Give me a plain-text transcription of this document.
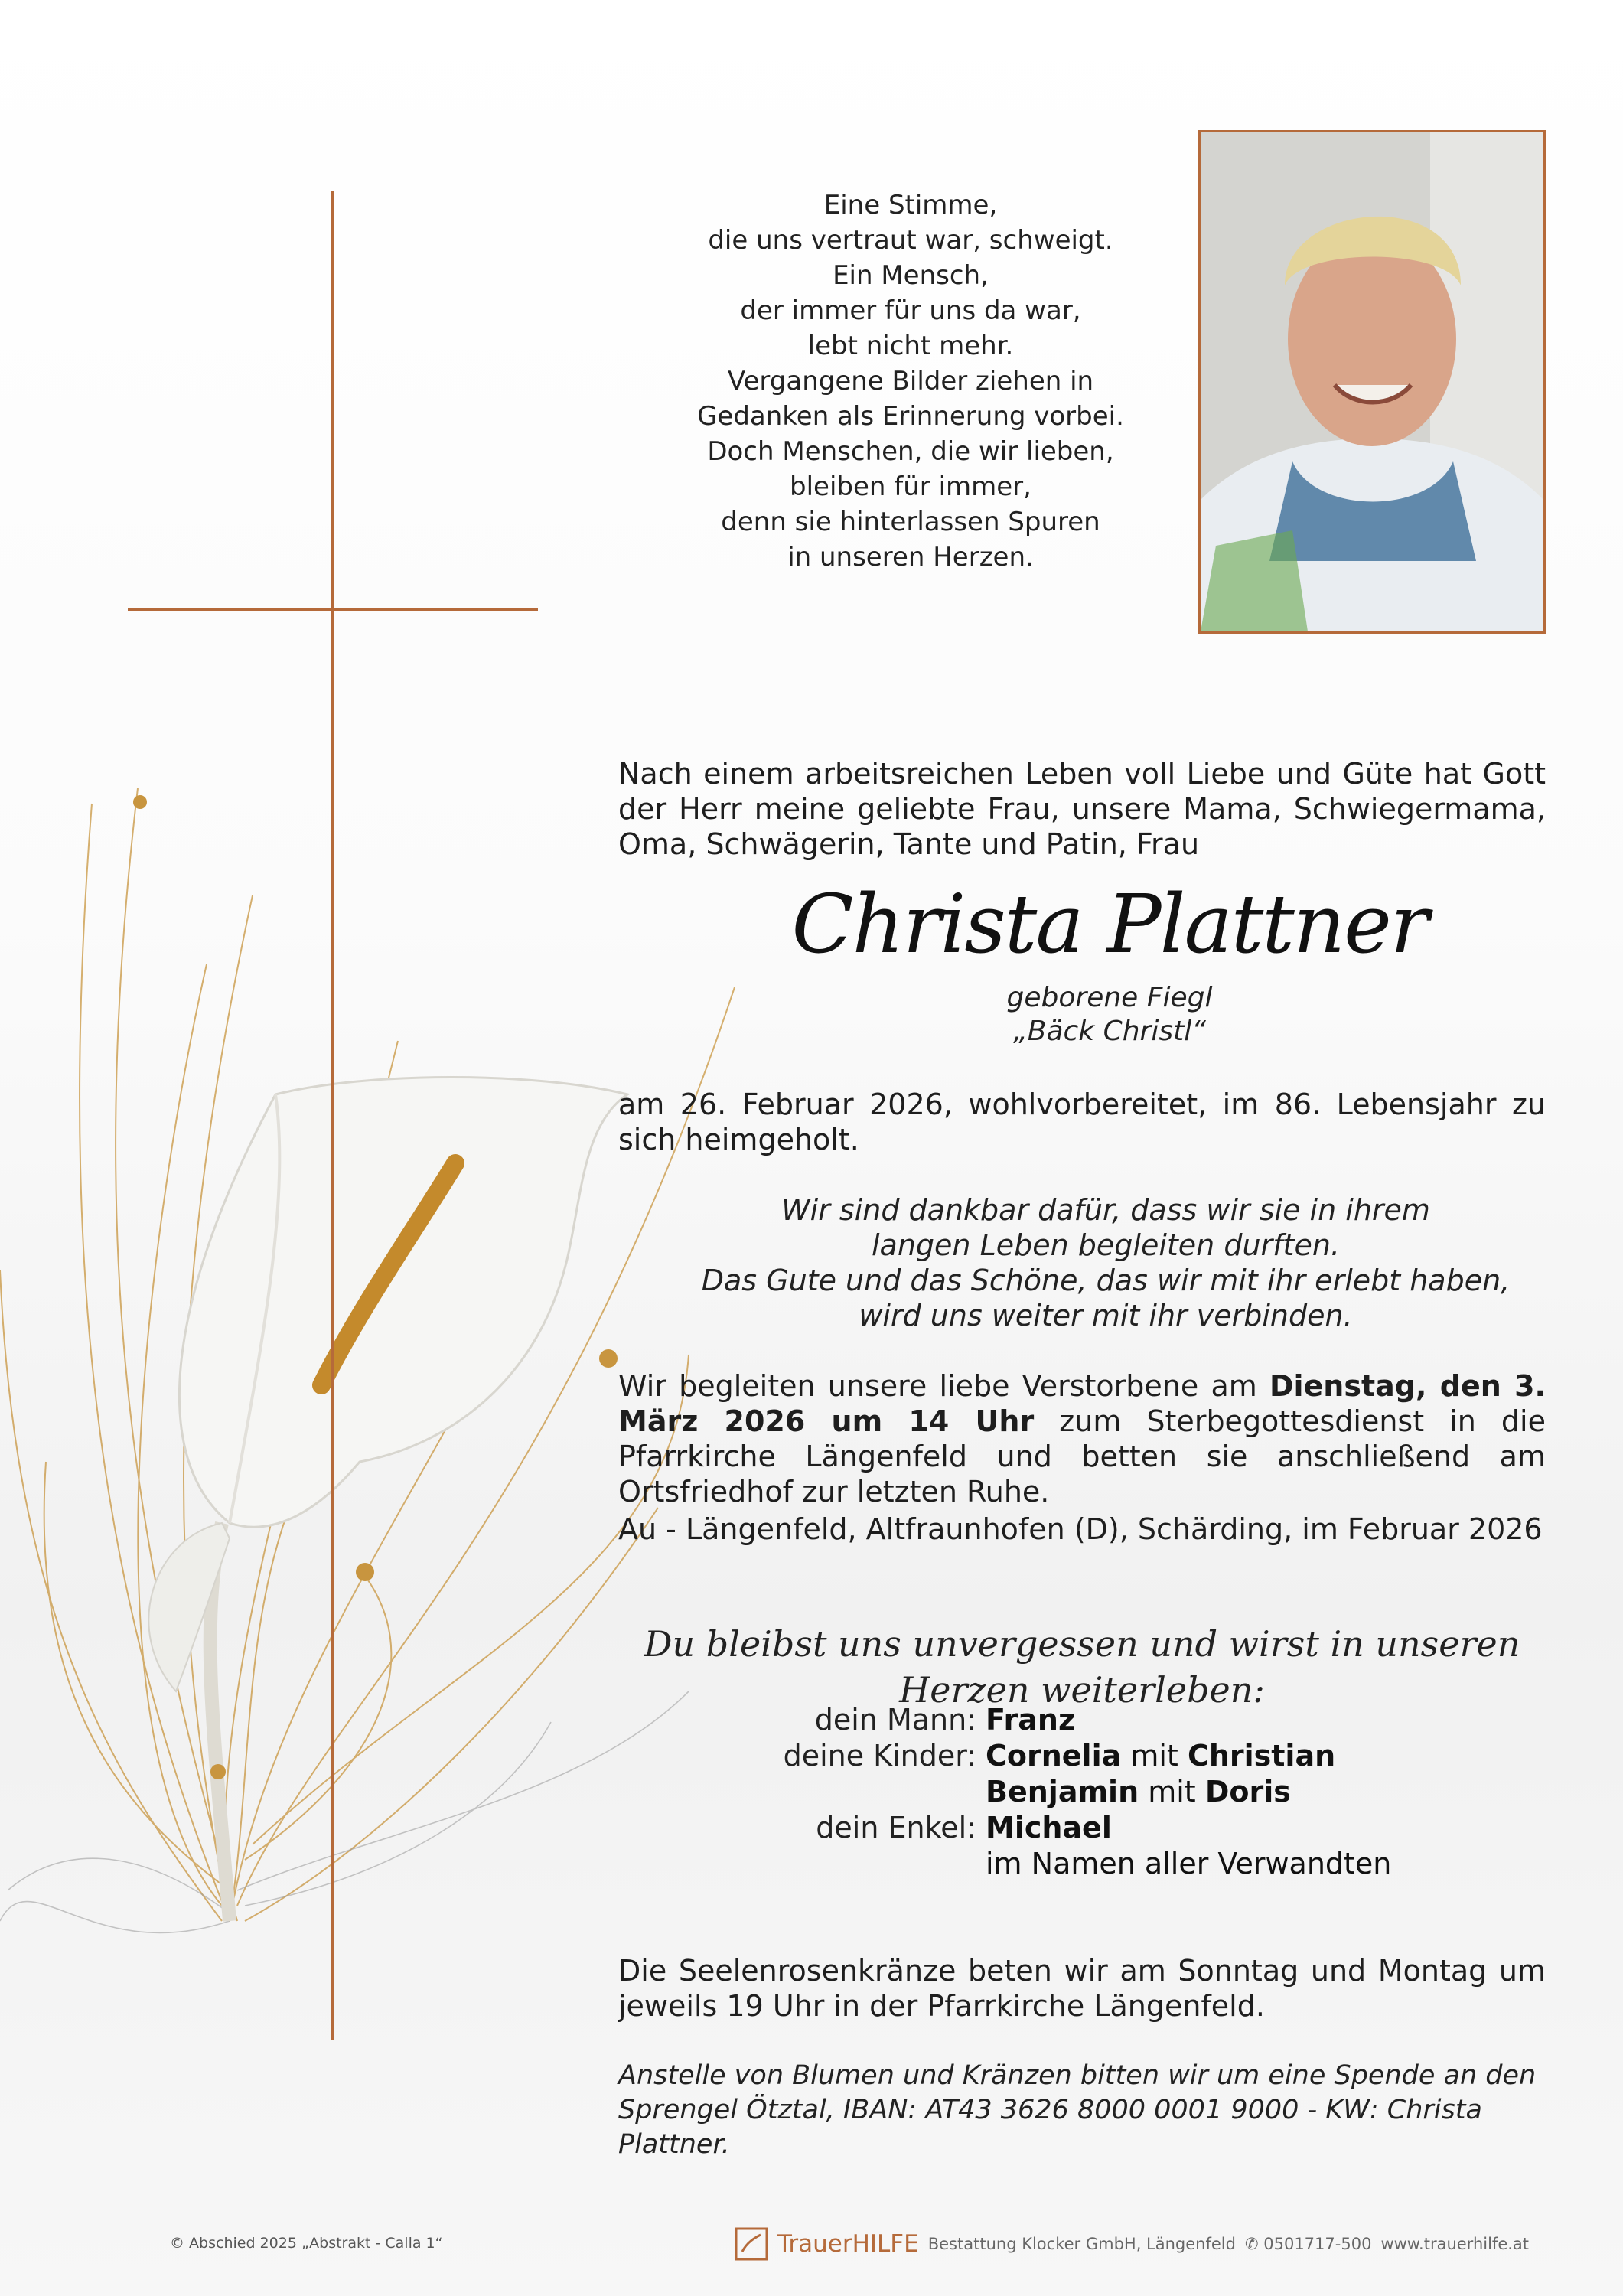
Eine Stimme,
die uns vertraut war, schweigt.
Ein Mensch,
der immer für uns da war,
lebt nicht mehr.
Vergangene Bilder ziehen in
Gedanken als Erinnerung vorbei.
Doch Menschen, die wir lieben,
bleiben für immer,
denn sie hinterlassen Spuren
in unseren Herzen.
Nach einem arbeitsreichen Leben voll Liebe und Güte hat Gott der Herr meine geliebte Frau, unsere Mama, Schwiegermama, Oma, Schwägerin, Tante und Patin, Frau
Christa Plattner
geborene Fiegl
„Bäck Christl“
am 26. Februar 2026, wohlvorbereitet, im 86. Lebensjahr zu sich heimgeholt.
Wir sind dankbar dafür, dass wir sie in ihrem
langen Leben begleiten durften.
Das Gute und das Schöne, das wir mit ihr erlebt haben,
wird uns weiter mit ihr verbinden.
Wir begleiten unsere liebe Verstorbene am Dienstag, den 3. März 2026 um 14 Uhr zum Sterbegottesdienst in die Pfarrkirche Längenfeld und betten sie anschließend am Ortsfriedhof zur letzten Ruhe.
Au - Längenfeld, Altfraunhofen (D), Schärding, im Februar 2026
Du bleibst uns unvergessen und wirst in unseren Herzen weiterleben:
dein Mann: Franz
deine Kinder: Cornelia mit Christian
Benjamin mit Doris
dein Enkel: Michael
im Namen aller Verwandten
Die Seelenrosenkränze beten wir am Sonntag und Montag um jeweils 19 Uhr in der Pfarrkirche Längenfeld.
Anstelle von Blumen und Kränzen bitten wir um eine Spende an den Sprengel Ötztal, IBAN: AT43 3626 8000 0001 9000 - KW: Christa Plattner.
© Abschied 2025 „Abstrakt - Calla 1“	TrauerHILFE Bestattung Klocker GmbH, Längenfeld ✆ 0501717-500 www.trauerhilfe.at
